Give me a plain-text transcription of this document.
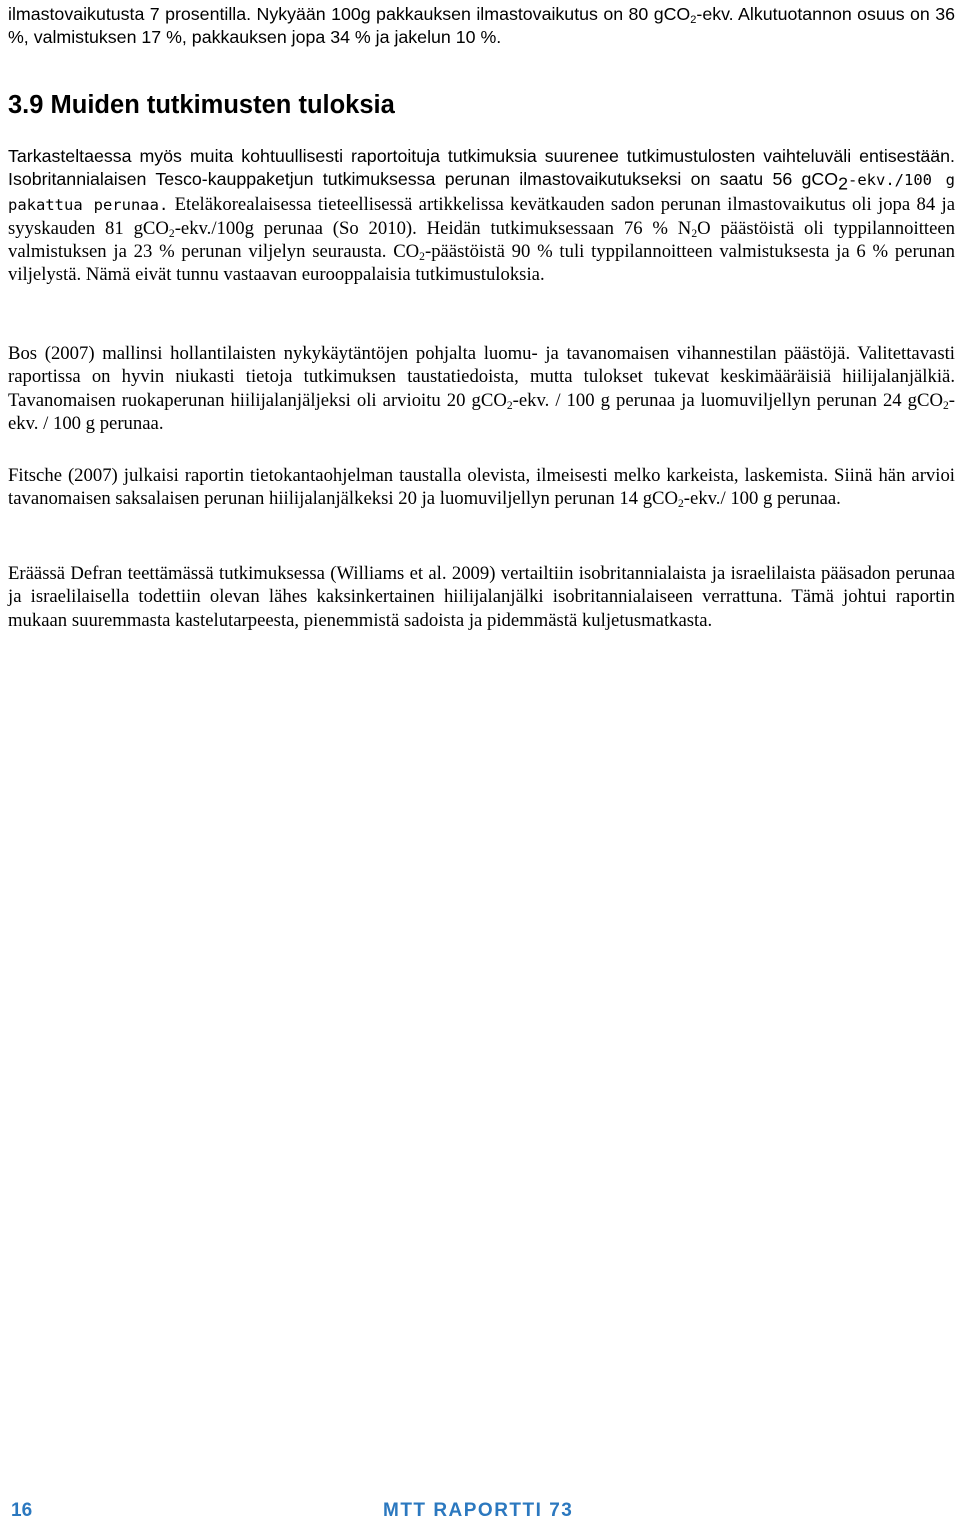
ilmastovaikutusta 7 prosentilla. Nykyään 100g pakkauksen ilmastovaikutus on 80 gCO$_2$-ekv. Alkutuotannon osuus on 36 %, valmistuksen 17 %, pakkauksen jopa 34 % ja jakelun 10 %.

3.9 Muiden tutkimusten tuloksia

Tarkasteltaessa myös muita kohtuullisesti raportoituja tutkimuksia suurenee tutkimustulosten vaihteluväli entisestään. Isobritannialaisen Tesco-kauppaketjun tutkimuksessa perunan ilmastovaikutukseksi on saatu 56 gCO$_2$-ekv./100 g pakattua perunaa. Eteläkorealaisessa tieteellisessä artikkelissa kevätkauden sadon perunan ilmastovaikutus oli jopa 84 ja syyskauden 81 gCO$_2$-ekv./100g perunaa (So 2010). Heidän tutkimuksessaan 76 % $N_2O$ päästöistä oli typpilannoitteen valmistuksen ja 23 % perunan viljelyn seurausta. $CO_2$-päästöistä 90 % tuli typpilannoitteen valmistuksesta ja 6 % perunan viljelystä. Nämä eivät tunnu vastaavan eurooppalaisia tutkimustuloksia.

Bos (2007) mallinsi hollantilaisten nykykäytäntöjen pohjalta luomu- ja tavanomaisen vihannestilan päästöjä. Valitettavasti raportissa on hyvin niukasti tietoja tutkimuksen taustatiedoista, mutta tulokset tukevat keskimääräisiä hiilijalanjälkiä. Tavanomaisen ruokaperunan hiilijalanjäljeksi oli arvioitu 20 gCO$_2$-ekv. / 100 g perunaa ja luomuviljellyn perunan 24 gCO$_2$-ekv. / 100 g perunaa.

Fitsche (2007) julkaisi raportin tietokantaohjelman taustalla olevista, ilmeisesti melko karkeista, laskemista. Siinä hän arvioi tavanomaisen saksalaisen perunan hiilijalanjälkeksi 20 ja luomuviljellyn perunan 14 gCO$_2$-ekv./ 100 g perunaa.

Eräässä Defran teettämässä tutkimuksessa (Williams et al. 2009) vertailtiin isobritannialaista ja israelilaista pääsadon perunaa ja israelilaisella todettiin olevan lähes kaksinkertainen hiilijalanjälki isobritannialaiseen verrattuna. Tämä johtui raportin mukaan suuremmasta kastelutarpeesta, pienemmistä sadoista ja pidemmästä kuljetusmatkasta.

16	MTT RAPORTTI 73
